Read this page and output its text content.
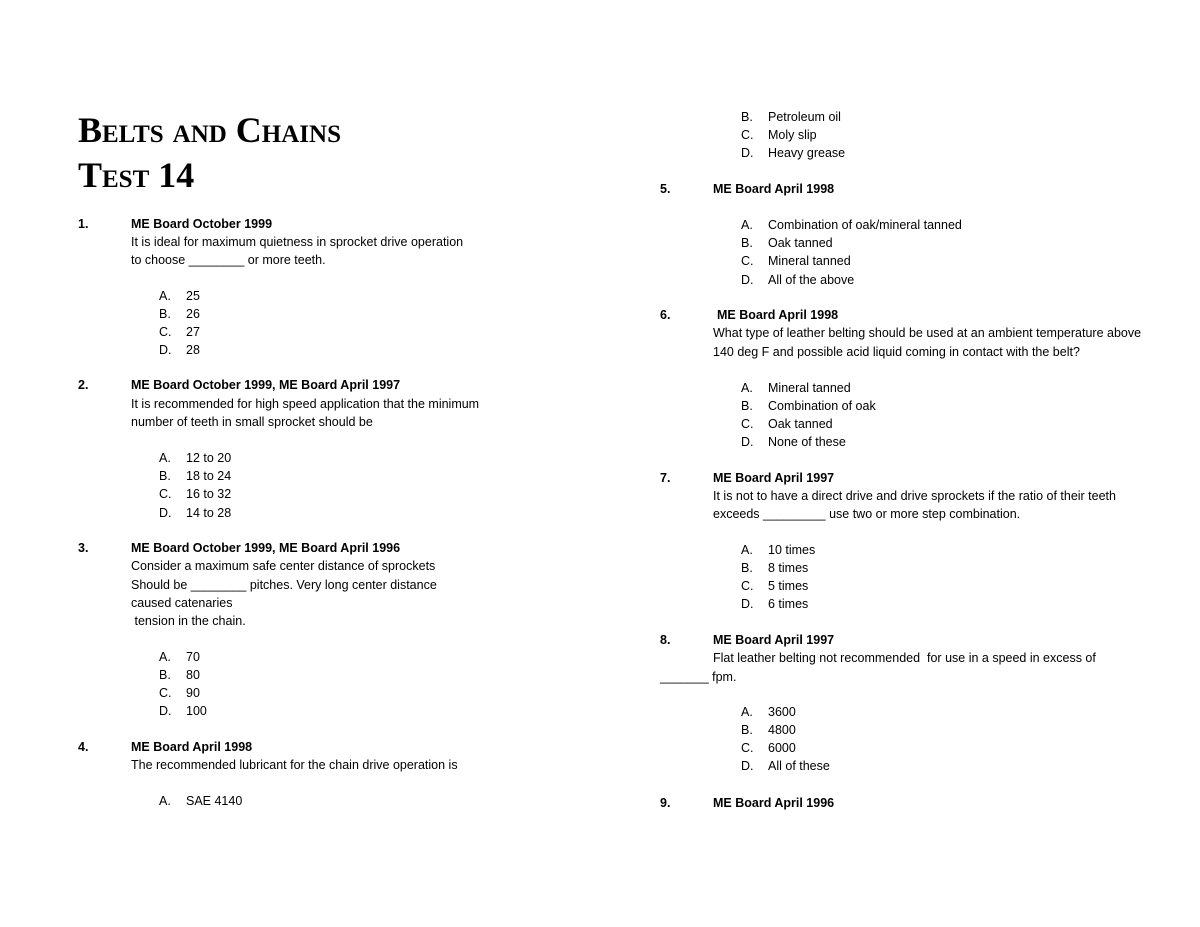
Belts and Chains
Test 14
1.	ME Board October 1999
It is ideal for maximum quietness in sprocket drive operation
to choose ________ or more teeth.
A. 25
B. 26
C. 27
D. 28
2.	ME Board October 1999, ME Board April 1997
It is recommended for high speed application that the minimum
number of teeth in small sprocket should be
A. 12 to 20
B. 18 to 24
C. 16 to 32
D. 14 to 28
3.	ME Board October 1999, ME Board April 1996
Consider a maximum safe center distance of sprockets
Should be ________ pitches. Very long center distance
caused catenaries
tension in the chain.
A. 70
B. 80
C. 90
D. 100
4.	ME Board April 1998
The recommended lubricant for the chain drive operation is
A. SAE 4140
B. Petroleum oil
C. Moly slip
D. Heavy grease
5.	ME Board April 1998
A. Combination of oak/mineral tanned
B. Oak tanned
C. Mineral tanned
D. All of the above
6.	ME Board April 1998
What type of leather belting should be used at an ambient temperature above
140 deg F and possible acid liquid coming in contact with the belt?
A. Mineral tanned
B. Combination of oak
C. Oak tanned
D. None of these
7.	ME Board April 1997
It is not to have a direct drive and drive sprockets if the ratio of their teeth
exceeds _________ use two or more step combination.
A. 10 times
B. 8 times
C. 5 times
D. 6 times
8.	ME Board April 1997
Flat leather belting not recommended  for use in a speed in excess of
_______ fpm.
A. 3600
B. 4800
C. 6000
D. All of these
9.	ME Board April 1996
